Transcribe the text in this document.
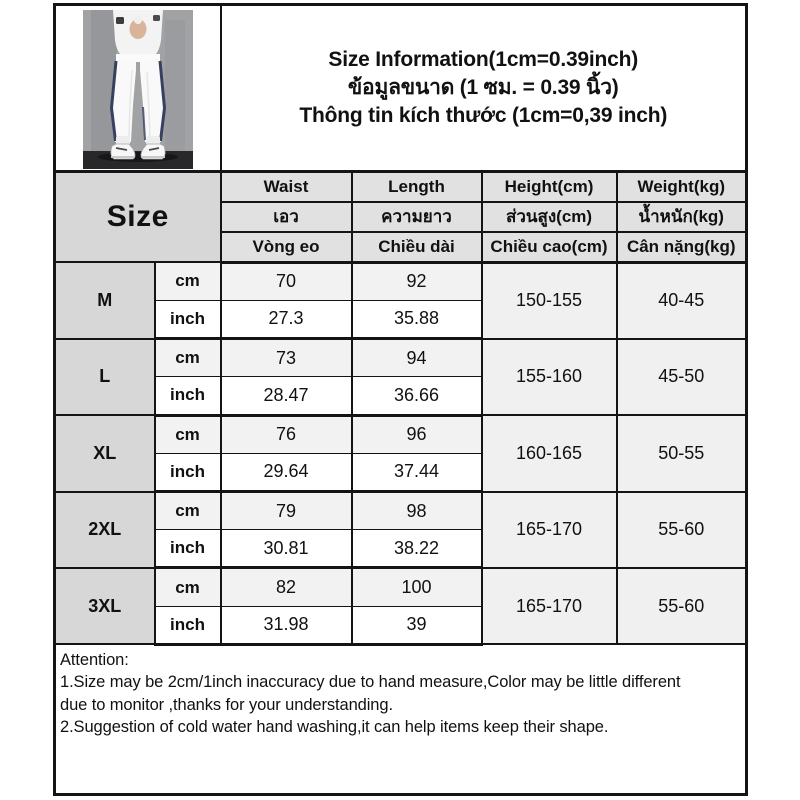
Size Information(1cm=0.39inch)
ข้อมูลขนาด (1 ซม. = 0.39 นิ้ว)
Thông tin kích thước (1cm=0,39 inch)			

Size		Waist	Length	Height(cm)	Weight(kg)
		เอว	ความยาว	ส่วนสูง(cm)	น้ำหนัก(kg)
		Vòng eo	Chiều dài	Chiều cao(cm)	Cân nặng(kg)
M	cm	70	92	150-155	40-45
	inch	27.3	35.88		
L	cm	73	94	155-160	45-50
	inch	28.47	36.66		
XL	cm	76	96	160-165	50-55
	inch	29.64	37.44		
2XL	cm	79	98	165-170	55-60
	inch	30.81	38.22		
3XL	cm	82	100	165-170	55-60
	inch	31.98	39		

Attention:
1.Size may be 2cm/1inch inaccuracy due to hand measure,Color may be little different
due to monitor ,thanks for your understanding.
2.Suggestion of cold water hand washing,it can help items keep their shape.					
